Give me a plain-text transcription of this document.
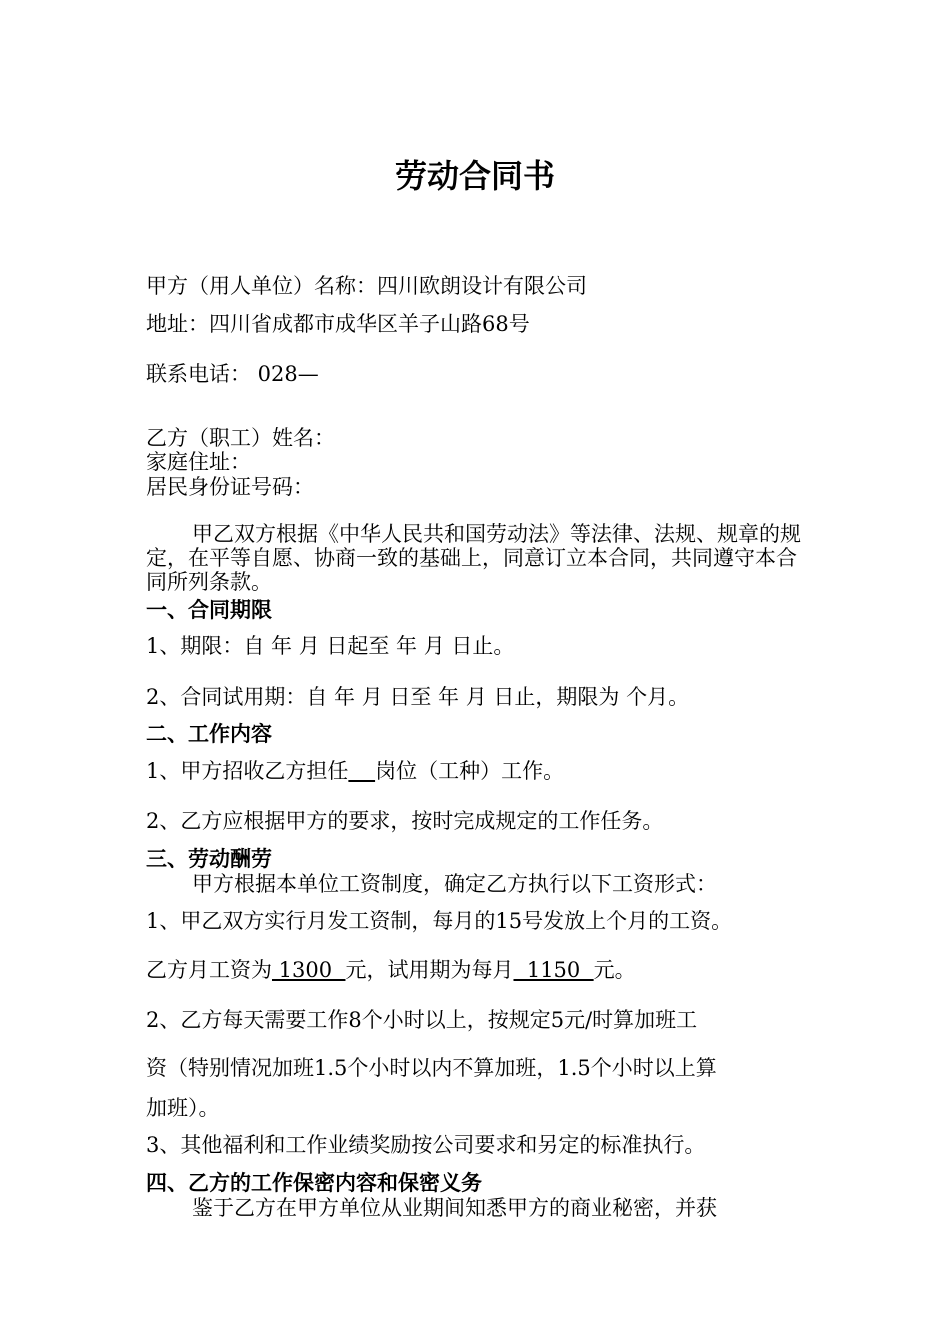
劳动合同书
甲方（用人单位）名称：四川欧朗设计有限公司
地址：四川省成都市成华区羊子山路68号
联系电话： 028—
乙方（职工）姓名：
家庭住址：
居民身份证号码：
甲乙双方根据《中华人民共和国劳动法》等法律、法规、规章的规定，在平等自愿、协商一致的基础上，同意订立本合同，共同遵守本合同所列条款。
一、合同期限
1、期限：自 年 月 日起至 年 月 日止。
2、合同试用期：自 年 月 日至 年 月 日止，期限为 个月。
二、工作内容
1、甲方招收乙方担任 岗位（工种）工作。
2、乙方应根据甲方的要求，按时完成规定的工作任务。
三、劳动酬劳
甲方根据本单位工资制度，确定乙方执行以下工资形式：
1、甲乙双方实行月发工资制，每月的15号发放上个月的工资。
乙方月工资为 1300  元，试用期为每月  1150  元。
2、乙方每天需要工作8个小时以上，按规定5元/时算加班工
资（特别情况加班1.5个小时以内不算加班，1.5个小时以上算
加班）。
3、其他福利和工作业绩奖励按公司要求和另定的标准执行。
四、乙方的工作保密内容和保密义务
鉴于乙方在甲方单位从业期间知悉甲方的商业秘密，并获
